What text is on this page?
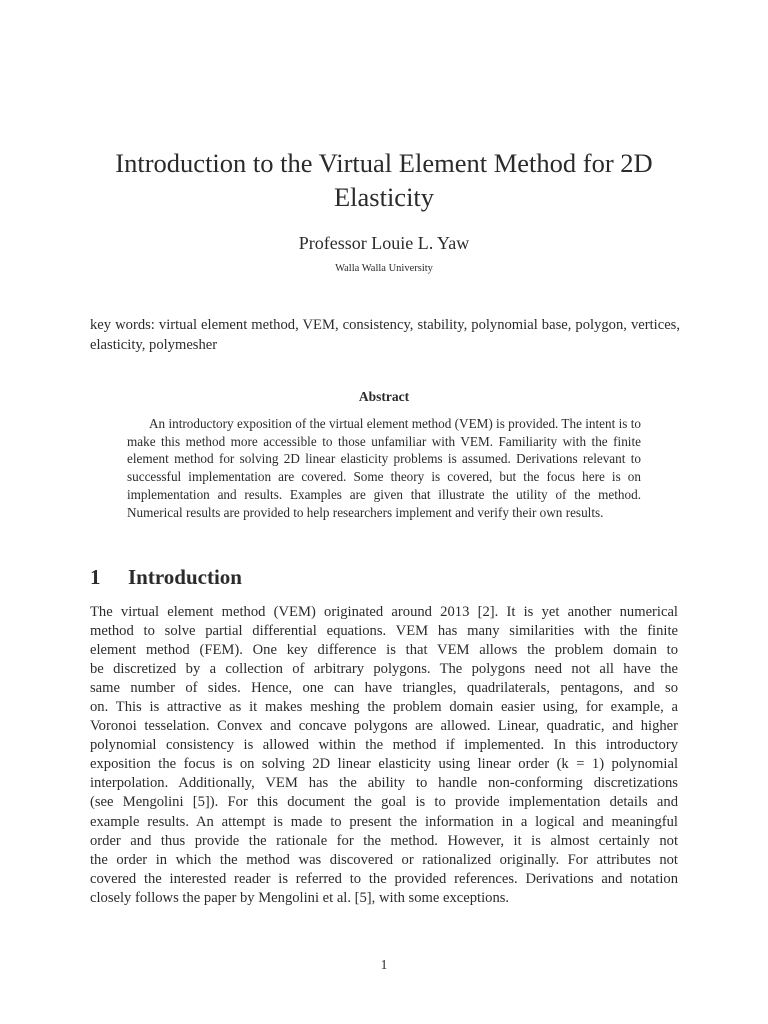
Introduction to the Virtual Element Method for 2D Elasticity
Professor Louie L. Yaw
Walla Walla University
key words: virtual element method, VEM, consistency, stability, polynomial base, polygon, vertices, elasticity, polymesher
Abstract
An introductory exposition of the virtual element method (VEM) is provided. The intent is to make this method more accessible to those unfamiliar with VEM. Familiarity with the finite element method for solving 2D linear elasticity problems is assumed. Derivations relevant to successful implementation are covered. Some theory is covered, but the focus here is on implementation and results. Examples are given that illustrate the utility of the method. Numerical results are provided to help researchers implement and verify their own results.
1 Introduction
The virtual element method (VEM) originated around 2013 [2]. It is yet another numerical
method to solve partial differential equations. VEM has many similarities with the finite
element method (FEM). One key difference is that VEM allows the problem domain to
be discretized by a collection of arbitrary polygons. The polygons need not all have the
same number of sides. Hence, one can have triangles, quadrilaterals, pentagons, and so
on. This is attractive as it makes meshing the problem domain easier using, for example, a
Voronoi tesselation. Convex and concave polygons are allowed. Linear, quadratic, and higher
polynomial consistency is allowed within the method if implemented. In this introductory
exposition the focus is on solving 2D linear elasticity using linear order (k = 1) polynomial
interpolation. Additionally, VEM has the ability to handle non-conforming discretizations
(see Mengolini [5]). For this document the goal is to provide implementation details and
example results. An attempt is made to present the information in a logical and meaningful
order and thus provide the rationale for the method. However, it is almost certainly not
the order in which the method was discovered or rationalized originally. For attributes not
covered the interested reader is referred to the provided references. Derivations and notation
closely follows the paper by Mengolini et al. [5], with some exceptions.
1
